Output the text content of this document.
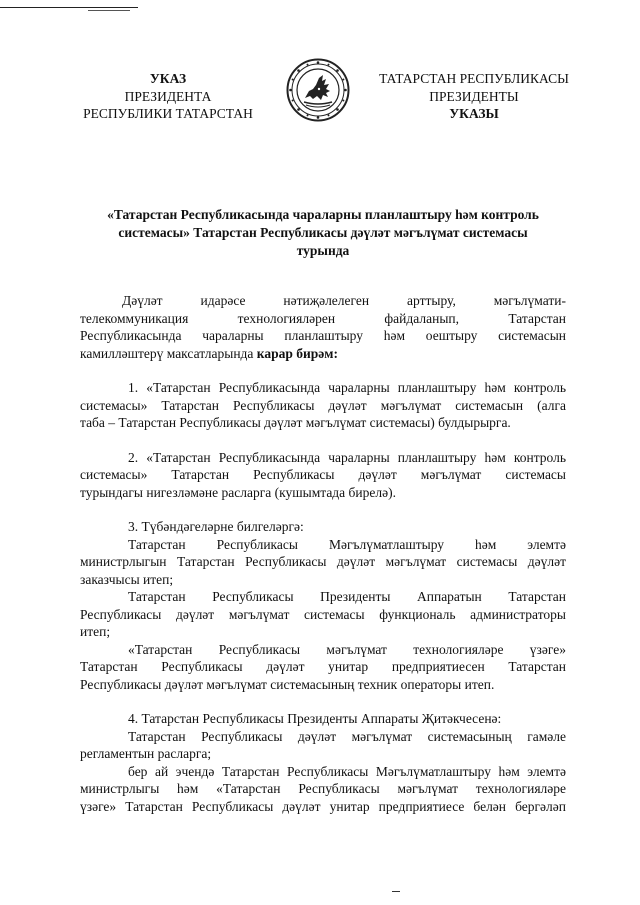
УКАЗ
ПРЕЗИДЕНТА
РЕСПУБЛИКИ ТАТАРСТАН
ТАТАРСТАН РЕСПУБЛИКАСЫ
ПРЕЗИДЕНТЫ
УКАЗЫ
«Татарстан Республикасында чараларны планлаштыру һәм контроль
системасы» Татарстан Республикасы дәүләт мәгълүмат системасы
турында
Дәүләт идарәсе нәтиҗәлелеген арттыру, мәгълүмати-
телекоммуникация технологияләрен файдаланып, Татарстан
Республикасында чараларны планлаштыру һәм оештыру системасын
камилләштерү максатларында карар бирәм:
1. «Татарстан Республикасында чараларны планлаштыру һәм контроль
системасы» Татарстан Республикасы дәүләт мәгълүмат системасын (алга
таба – Татарстан Республикасы дәүләт мәгълүмат системасы) булдырырга.
2. «Татарстан Республикасында чараларны планлаштыру һәм контроль
системасы» Татарстан Республикасы дәүләт мәгълүмат системасы
турындагы нигезләмәне расларга (кушымтада бирелә).
3. Түбәндәгеләрне билгеләргә:
Татарстан Республикасы Мәгълүматлаштыру һәм элемтә
министрлыгын Татарстан Республикасы дәүләт мәгълүмат системасы дәүләт
заказчысы итеп;
Татарстан Республикасы Президенты Аппаратын Татарстан
Республикасы дәүләт мәгълүмат системасы функциональ администраторы
итеп;
«Татарстан Республикасы мәгълүмат технологияләре үзәге»
Татарстан Республикасы дәүләт унитар предприятиесен Татарстан
Республикасы дәүләт мәгълүмат системасының техник операторы итеп.
4. Татарстан Республикасы Президенты Аппараты Җитәкчесенә:
Татарстан Республикасы дәүләт мәгълүмат системасының гамәле
регламентын расларга;
бер ай эчендә Татарстан Республикасы Мәгълүматлаштыру һәм элемтә
министрлыгы һәм «Татарстан Республикасы мәгълүмат технологияләре
үзәге» Татарстан Республикасы дәүләт унитар предприятиесе белән бергәләп
